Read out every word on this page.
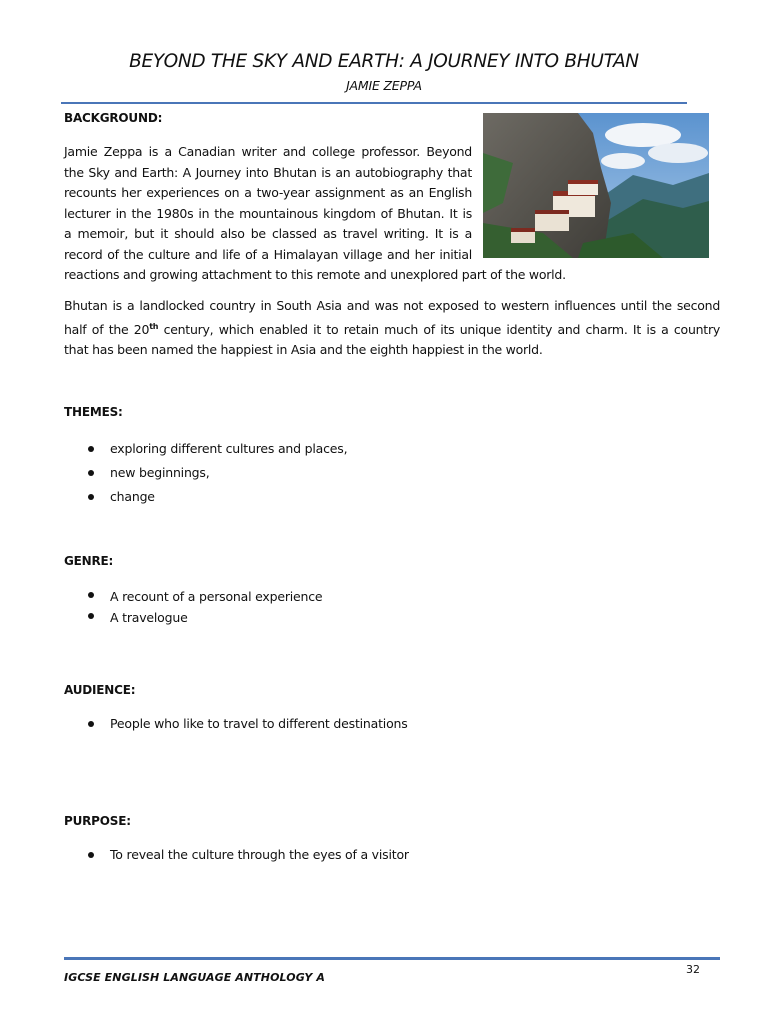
BEYOND THE SKY AND EARTH: A JOURNEY INTO BHUTAN
JAMIE ZEPPA
BACKGROUND:
Jamie Zeppa is a Canadian writer and college professor. Beyond
the Sky and Earth: A Journey into Bhutan is an autobiography that
recounts her experiences on a two-year assignment as an English
lecturer in the 1980s in the mountainous kingdom of Bhutan. It is
a memoir, but it should also be classed as travel writing. It is a
record of the culture and life of a Himalayan village and her initial
reactions and growing attachment to this remote and unexplored part of the world.
Bhutan is a landlocked country in South Asia and was not exposed to western influences until the second
half of the 20th century, which enabled it to retain much of its unique identity and charm. It is a country
that has been named the happiest in Asia and the eighth happiest in the world.
THEMES:
exploring different cultures and places,
new beginnings,
change
GENRE:
A recount of a personal experience
A travelogue
AUDIENCE:
People who like to travel to different destinations
PURPOSE:
To reveal the culture through the eyes of a visitor
32
IGCSE ENGLISH LANGUAGE ANTHOLOGY A
